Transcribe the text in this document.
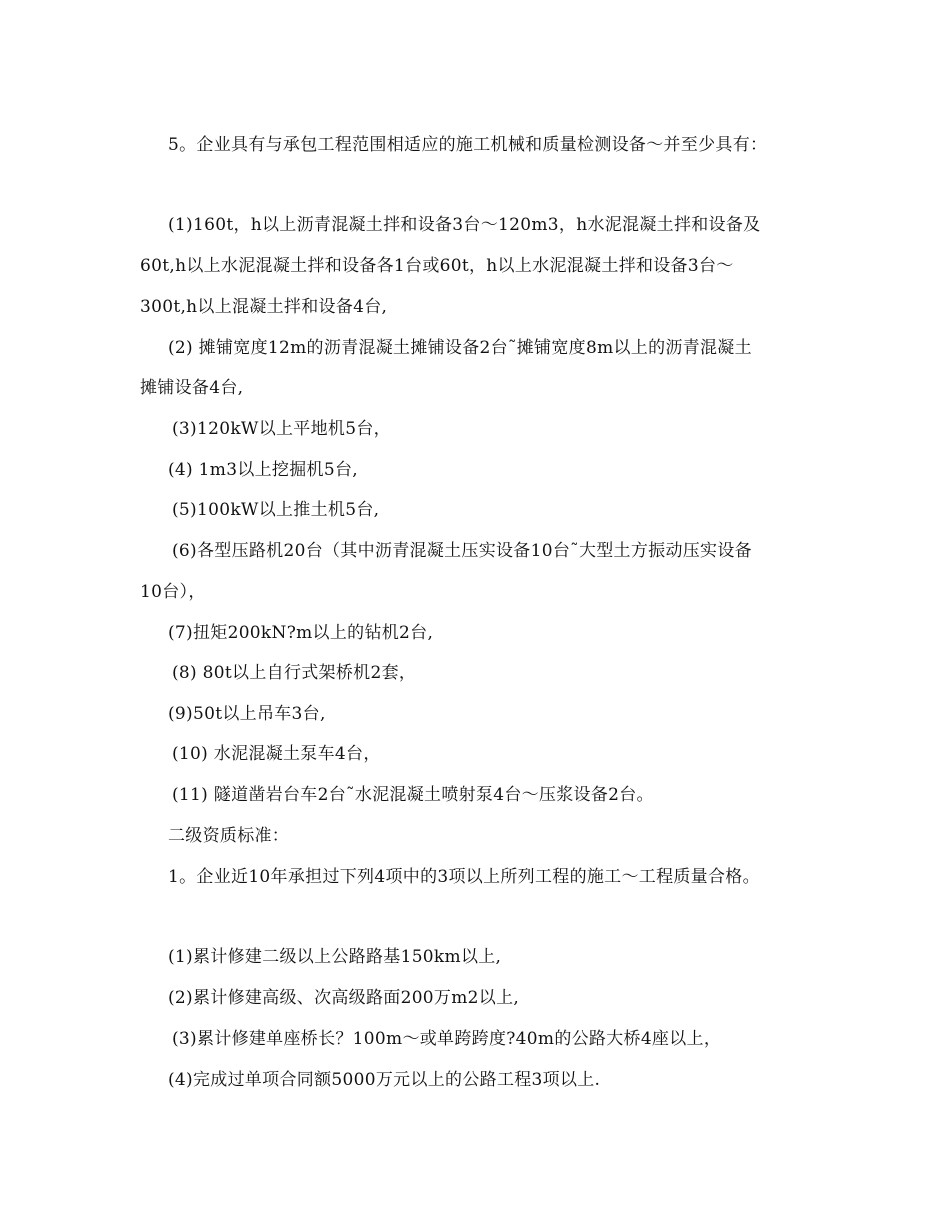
5。企业具有与承包工程范围相适应的施工机械和质量检测设备～并至少具有：
(1)160t，h以上沥青混凝土拌和设备3台～120m3，h水泥混凝土拌和设备及
60t,h以上水泥混凝土拌和设备各1台或60t，h以上水泥混凝土拌和设备3台～
300t,h以上混凝土拌和设备4台,
(2) 摊铺宽度12m的沥青混凝土摊铺设备2台˜摊铺宽度8m以上的沥青混凝土
摊铺设备4台,
(3)120kW以上平地机5台，
(4) 1m3以上挖掘机5台,
(5)100kW以上推土机5台,
(6)各型压路机20台（其中沥青混凝土压实设备10台˜大型土方振动压实设备
10台），
(7)扭矩200kN?m以上的钻机2台,
(8) 80t以上自行式架桥机2套，
(9)50t以上吊车3台,
(10) 水泥混凝土泵车4台，
(11) 隧道凿岩台车2台˜水泥混凝土喷射泵4台～压浆设备2台。
二级资质标准：
1。企业近10年承担过下列4项中的3项以上所列工程的施工～工程质量合格。
(1)累计修建二级以上公路路基150km以上,
(2)累计修建高级、次高级路面200万m2以上,
(3)累计修建单座桥长？100m～或单跨跨度?40m的公路大桥4座以上，
(4)完成过单项合同额5000万元以上的公路工程3项以上.
